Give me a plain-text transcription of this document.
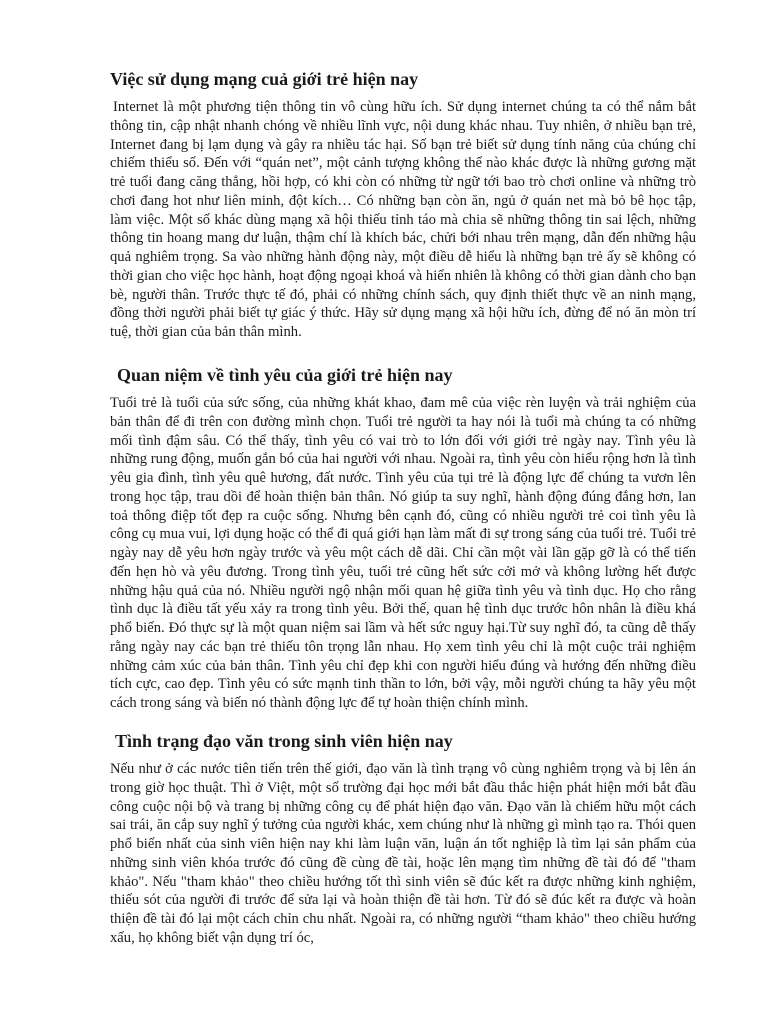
Việc sử dụng mạng cuả giới trẻ hiện nay

Internet là một phương tiện thông tin vô cùng hữu ích. Sử dụng internet chúng ta có thể nắm bắt thông tin, cập nhật nhanh chóng về nhiều lĩnh vực, nội dung khác nhau. Tuy nhiên, ở nhiều bạn trẻ, Internet đang bị lạm dụng và gây ra nhiều tác hại. Số bạn trẻ biết sử dụng tính năng của chúng chỉ chiếm thiểu số. Đến với “quán net”, một cảnh tượng không thể nào khác được là những gương mặt trẻ tuổi đang căng thẳng, hồi hợp, có khi còn có những từ ngữ tới bao trò chơi online và những trò chơi đang hot như liên minh, đột kích… Có những bạn còn ăn, ngủ ở quán net mà bỏ bê học tập, làm việc. Một số khác dùng mạng xã hội thiếu tỉnh táo mà chia sẽ những thông tin sai lệch, những thông tin hoang mang dư luận, thậm chí là khích bác, chửi bới nhau trên mạng, dẫn đến những hậu quả nghiêm trọng. Sa vào những hành động này, một điều dễ hiểu là những bạn trẻ ấy sẽ không có thời gian cho việc học hành, hoạt động ngoại khoá và hiển nhiên là không có thời gian dành cho bạn bè, người thân. Trước thực tế đó, phải có những chính sách, quy định thiết thực về an ninh mạng, đồng thời người phải biết tự giác ý thức. Hãy sử dụng mạng xã hội hữu ích, đừng để nó ăn mòn trí tuệ, thời gian của bản thân mình.

Quan niệm về tình yêu của giới trẻ hiện nay

Tuổi trẻ là tuổi của sức sống, của những khát khao, đam mê của việc rèn luyện và trải nghiệm của bản thân để đi trên con đường mình chọn. Tuổi trẻ người ta hay nói là tuổi mà chúng ta có những mối tình đậm sâu. Có thể thấy, tình yêu có vai trò to lớn đối với giới trẻ ngày nay. Tình yêu là những rung động, muốn gắn bó của hai người với nhau. Ngoài ra, tình yêu còn hiểu rộng hơn là tình yêu gia đình, tình yêu quê hương, đất nước. Tình yêu của tụi trẻ là động lực để chúng ta vươn lên trong học tập, trau dồi để hoàn thiện bản thân. Nó giúp ta suy nghĩ, hành động đúng đắng hơn, lan toả thông điệp tốt đẹp ra cuộc sống. Nhưng bên cạnh đó, cũng có nhiều người trẻ coi tình yêu là công cụ mua vui, lợi dụng hoặc có thể đi quá giới hạn làm mất đi sự trong sáng của tuổi trẻ. Tuổi trẻ ngày nay dễ yêu hơn ngày trước và yêu một cách dễ dãi. Chỉ cần một vài lần gặp gỡ là có thể tiến đến hẹn hò và yêu đương. Trong tình yêu, tuổi trẻ cũng hết sức cởi mở và không lường hết được những hậu quả của nó. Nhiều người ngộ nhận mối quan hệ giữa tình yêu và tình dục. Họ cho rằng tình dục là điều tất yếu xảy ra trong tình yêu. Bởi thế, quan hệ tình dục trước hôn nhân là điều khá phổ biến. Đó thực sự là một quan niệm sai lầm và hết sức nguy hại.Từ suy nghĩ đó, ta cũng dễ thấy rằng ngày nay các bạn trẻ thiếu tôn trọng lẫn nhau. Họ xem tình yêu chỉ là một cuộc trải nghiệm những cảm xúc của bản thân. Tình yêu chỉ đẹp khi con người hiểu đúng và hướng đến những điều tích cực, cao đẹp. Tình yêu có sức mạnh tinh thần to lớn, bởi vậy, mỗi người chúng ta hãy yêu một cách trong sáng và biến nó thành động lực để tự hoàn thiện chính mình.

Tình trạng đạo văn trong sinh viên hiện nay

Nếu như ở các nước tiên tiến trên thế giới, đạo văn là tình trạng vô cùng nghiêm trọng và bị lên án trong giờ học thuật. Thì ở Việt, một số trường đại học mới bắt đầu thắc hiện phát hiện mới bắt đầu công cuộc nội bộ và trang bị những công cụ để phát hiện đạo văn. Đạo văn là chiếm hữu một cách sai trái, ăn cắp suy nghĩ ý tưởng của người khác, xem chúng như là những gì mình tạo ra. Thói quen phổ biến nhất của sinh viên hiện nay khi làm luận văn, luận án tốt nghiệp là tìm lại sản phẩm của những sinh viên khóa trước đó cũng đề cùng đề tài, hoặc lên mạng tìm những đề tài đó để "tham khảo". Nếu "tham khảo" theo chiều hướng tốt thì sinh viên sẽ đúc kết ra được những kinh nghiệm, thiếu sót của người đi trước để sửa lại và hoàn thiện đề tài hơn. Từ đó sẽ đúc kết ra được và hoàn thiện đề tài đó lại một cách chỉn chu nhất. Ngoài ra, có những người “tham khảo" theo chiều hướng xấu, họ không biết vận dụng trí óc,
